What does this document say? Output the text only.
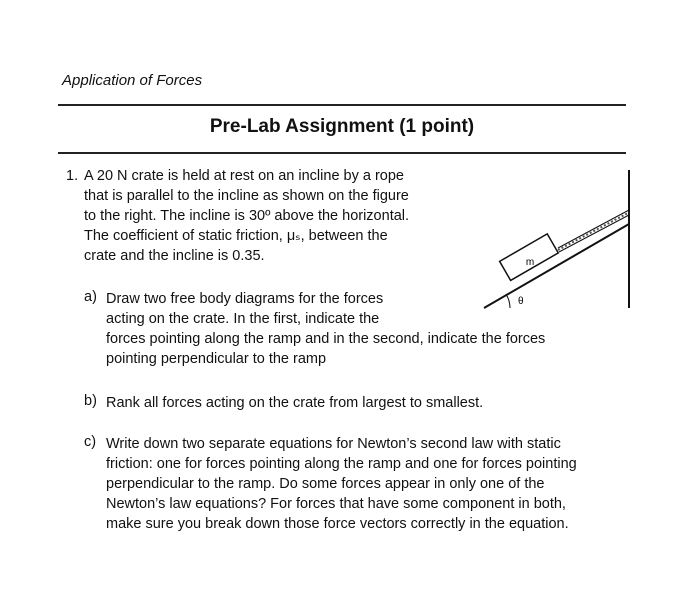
Application of Forces
Pre-Lab Assignment (1 point)
1. A 20 N crate is held at rest on an incline by a rope
that is parallel to the incline as shown on the figure
to the right. The incline is 30º above the horizontal.
The coefficient of static friction, μₛ, between the
crate and the incline is 0.35.
a) Draw two free body diagrams for the forces
acting on the crate. In the first, indicate the
forces pointing along the ramp and in the second, indicate the forces
pointing perpendicular to the ramp
b) Rank all forces acting on the crate from largest to smallest.
c) Write down two separate equations for Newton’s second law with static
friction: one for forces pointing along the ramp and one for forces pointing
perpendicular to the ramp. Do some forces appear in only one of the
Newton’s law equations? For forces that have some component in both,
make sure you break down those force vectors correctly in the equation.
m
θ
